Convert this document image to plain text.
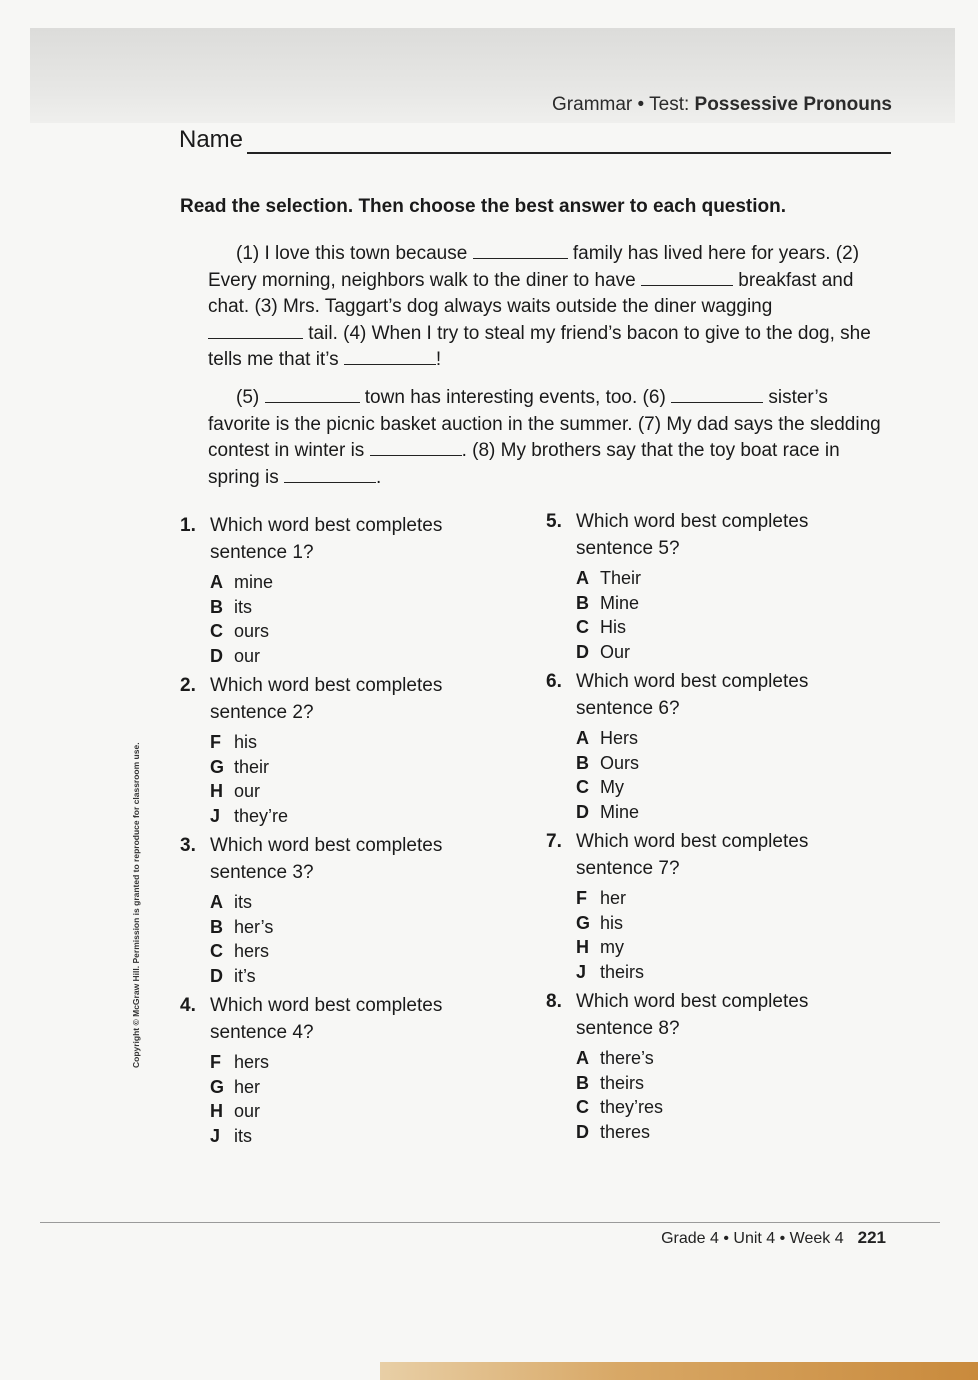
Grammar • Test: Possessive Pronouns
Name
Read the selection. Then choose the best answer to each question.

(1) I love this town because	family has lived here for years. (2) Every morning, neighbors walk to the diner to have	breakfast and chat. (3) Mrs. Taggart’s dog always waits outside the diner wagging
tail. (4) When I try to steal my friend’s bacon to give to the dog, she tells me that it’s	!

(5)	town has interesting events, too. (6)	sister’s favorite is the picnic basket auction in the summer. (7) My dad says the sledding contest in winter is	. (8) My brothers say that the toy boat race in spring is	.

1. Which word best completes sentence 1?
A mine
B its
C ours
D our
2. Which word best completes sentence 2?
F his
G their
H our
J they’re
3. Which word best completes sentence 3?
A its
B her’s
C hers
D it’s
4. Which word best completes sentence 4?
F hers
G her
H our
J its
5. Which word best completes sentence 5?
A Their
B Mine
C His
D Our
6. Which word best completes sentence 6?
A Hers
B Ours
C My
D Mine
7. Which word best completes sentence 7?
F her
G his
H my
J theirs
8. Which word best completes sentence 8?
A there’s
B theirs
C they’res
D theres
Copyright © McGraw Hill. Permission is granted to reproduce for classroom use.
Grade 4 • Unit 4 • Week 4 221
